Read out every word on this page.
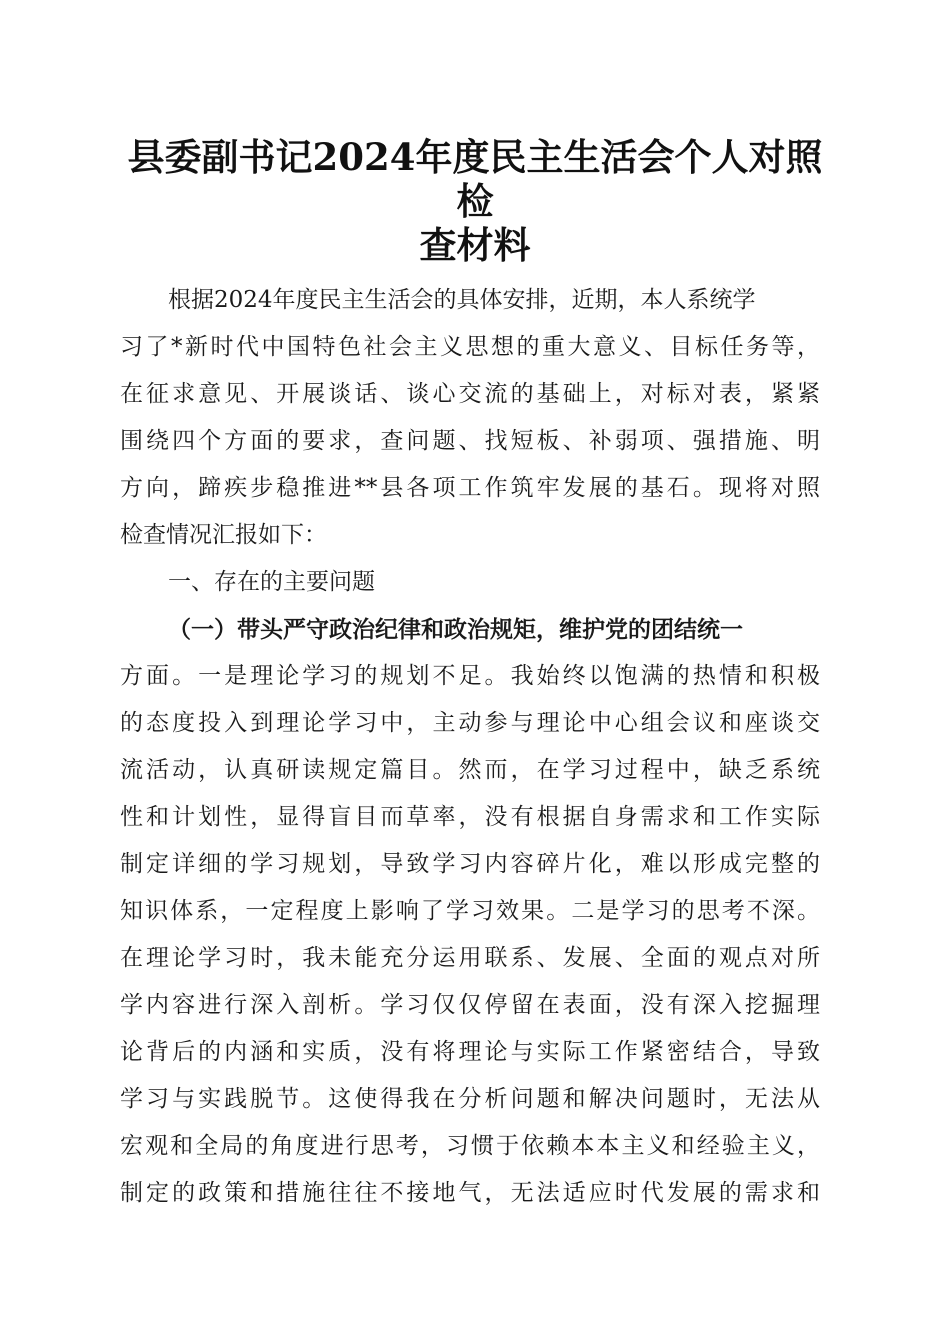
县委副书记2024年度民主生活会个人对照检
查材料
根据2024年度民主生活会的具体安排，近期，本人系统学
习了*新时代中国特色社会主义思想的重大意义、目标任务等，
在征求意见、开展谈话、谈心交流的基础上，对标对表，紧紧
围绕四个方面的要求，查问题、找短板、补弱项、强措施、明
方向，蹄疾步稳推进**县各项工作筑牢发展的基石。现将对照
检查情况汇报如下：
一、存在的主要问题
（一）带头严守政治纪律和政治规矩，维护党的团结统一
方面。一是理论学习的规划不足。我始终以饱满的热情和积极
的态度投入到理论学习中，主动参与理论中心组会议和座谈交
流活动，认真研读规定篇目。然而，在学习过程中，缺乏系统
性和计划性，显得盲目而草率，没有根据自身需求和工作实际
制定详细的学习规划，导致学习内容碎片化，难以形成完整的
知识体系，一定程度上影响了学习效果。二是学习的思考不深。
在理论学习时，我未能充分运用联系、发展、全面的观点对所
学内容进行深入剖析。学习仅仅停留在表面，没有深入挖掘理
论背后的内涵和实质，没有将理论与实际工作紧密结合，导致
学习与实践脱节。这使得我在分析问题和解决问题时，无法从
宏观和全局的角度进行思考，习惯于依赖本本主义和经验主义，
制定的政策和措施往往不接地气，无法适应时代发展的需求和
